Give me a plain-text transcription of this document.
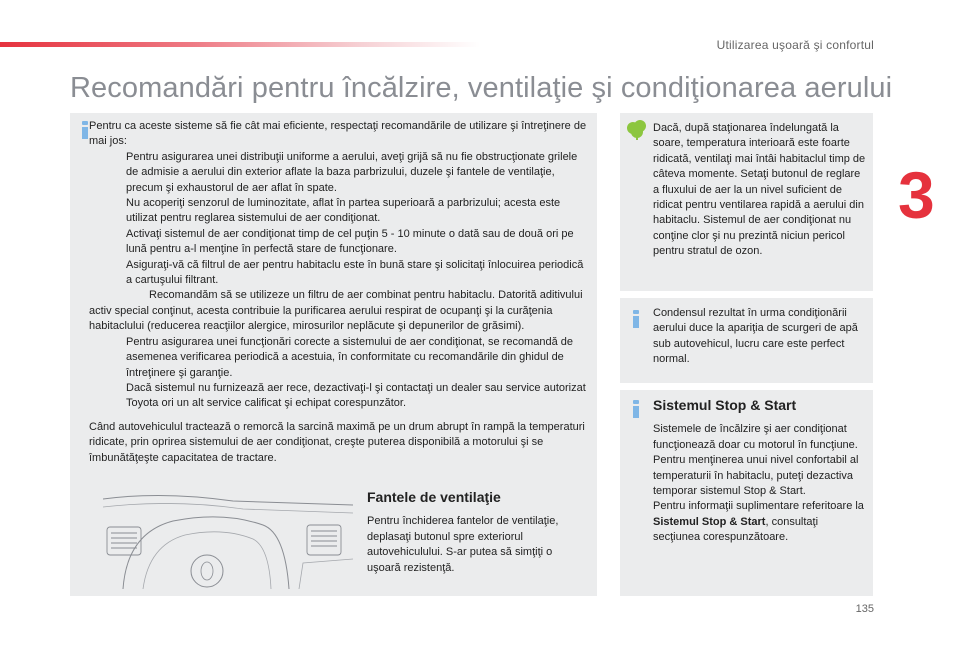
Utilizarea uşoară şi confortul
3
Recomandări pentru încălzire, ventilaţie şi condiţionarea aerului

Pentru ca aceste sisteme să fie cât mai eficiente, respectaţi recomandările de utilizare şi întreţinere de mai jos:

Pentru asigurarea unei distribuţii uniforme a aerului, aveţi grijă să nu fie obstrucţionate grilele de admisie a aerului din exterior aflate la baza parbrizului, duzele şi fantele de ventilaţie, precum şi exhaustorul de aer aflat în spate.

Nu acoperiţi senzorul de luminozitate, aflat în partea superioară a parbrizului; acesta este utilizat pentru reglarea sistemului de aer condiţionat.

Activaţi sistemul de aer condiţionat timp de cel puţin 5 - 10 minute o dată sau de două ori pe lună pentru a-l menţine în perfectă stare de funcţionare.

Asiguraţi-vă că filtrul de aer pentru habitaclu este în bună stare şi solicitaţi înlocuirea periodică a cartuşului filtrant.

Recomandăm să se utilizeze un filtru de aer combinat pentru habitaclu. Datorită aditivului activ special conţinut, acesta contribuie la purificarea aerului respirat de ocupanţi şi la curăţenia habitaclului (reducerea reacţiilor alergice, mirosurilor neplăcute şi depunerilor de grăsimi).

Pentru asigurarea unei funcţionări corecte a sistemului de aer condiţionat, se recomandă de asemenea verificarea periodică a acestuia, în conformitate cu recomandările din ghidul de întreţinere şi garanţie.

Dacă sistemul nu furnizează aer rece, dezactivaţi-l şi contactaţi un dealer sau service autorizat Toyota ori un alt service calificat şi echipat corespunzător.

Când autovehiculul tractează o remorcă la sarcină maximă pe un drum abrupt în rampă la temperaturi ridicate, prin oprirea sistemului de aer condiţionat, creşte puterea disponibilă a motorului şi se îmbunătăţeşte capacitatea de tractare.

Fantele de ventilaţie

Pentru închiderea fantelor de ventilaţie, deplasaţi butonul spre exteriorul autovehiculului. S-ar putea să simţiţi o uşoară rezistenţă.

Dacă, după staţionarea îndelungată la soare, temperatura interioară este foarte ridicată, ventilaţi mai întâi habitaclul timp de câteva momente. Setaţi butonul de reglare a fluxului de aer la un nivel suficient de ridicat pentru ventilarea rapidă a aerului din habitaclu. Sistemul de aer condiţionat nu conţine clor şi nu prezintă niciun pericol pentru stratul de ozon.

Condensul rezultat în urma condiţionării aerului duce la apariţia de scurgeri de apă sub autovehicul, lucru care este perfect normal.

Sistemul Stop & Start

Sistemele de încălzire şi aer condiţionat funcţionează doar cu motorul în funcţiune.

Pentru menţinerea unui nivel confortabil al temperaturii în habitaclu, puteţi dezactiva temporar sistemul Stop & Start.

Pentru informaţii suplimentare referitoare la Sistemul Stop & Start, consultaţi secţiunea corespunzătoare.

135
